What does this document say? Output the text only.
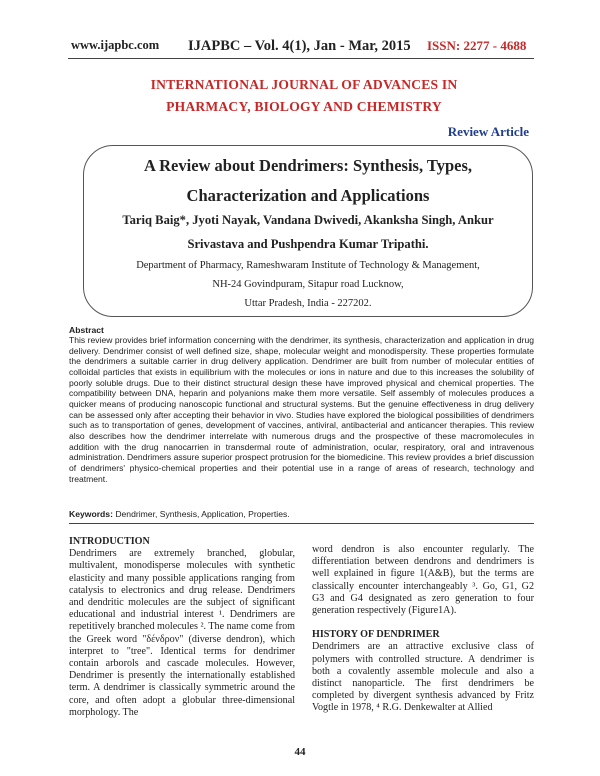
www.ijapbc.com IJAPBC – Vol. 4(1), Jan - Mar, 2015 ISSN: 2277 - 4688
INTERNATIONAL JOURNAL OF ADVANCES IN
PHARMACY, BIOLOGY AND CHEMISTRY
Review Article
A Review about Dendrimers: Synthesis, Types,
Characterization and Applications
Tariq Baig*, Jyoti Nayak, Vandana Dwivedi, Akanksha Singh, Ankur
Srivastava and Pushpendra Kumar Tripathi.
Department of Pharmacy, Rameshwaram Institute of Technology & Management,
NH-24 Govindpuram, Sitapur road Lucknow,
Uttar Pradesh, India - 227202.
Abstract
This review provides brief information concerning with the dendrimer, its synthesis, characterization and application in drug delivery. Dendrimer consist of well defined size, shape, molecular weight and monodispersity. These properties formulate the dendrimers a suitable carrier in drug delivery application. Dendrimer are built from number of molecular entities of colloidal particles that exists in equilibrium with the molecules or ions in nature and due to this increases the solubility of poorly soluble drugs. Due to their distinct structural design these have improved physical and chemical properties. The compatibility between DNA, heparin and polyanions make them more versatile. Self assembly of molecules produces a quicker means of producing nanoscopic functional and structural systems. But the genuine effectiveness in drug delivery can be assessed only after accepting their behavior in vivo. Studies have explored the biological possibilities of dendrimers such as to transportation of genes, development of vaccines, antiviral, antibacterial and anticancer therapies. This review also describes how the dendrimer interrelate with numerous drugs and the prospective of these macromolecules in addition with the drug nanocarrien in transdermal route of administration, ocular, respiratory, oral and intravenous administration. Dendrimers assure superior prospect protrusion for the biomedicine. This review provides a brief discussion of dendrimers' physico-chemical properties and their potential use in a range of areas of research, technology and treatment.
Keywords: Dendrimer, Synthesis, Application, Properties.
INTRODUCTION

Dendrimers are extremely branched, globular, multivalent, monodisperse molecules with synthetic elasticity and many possible applications ranging from catalysis to electronics and drug release. Dendrimers and dendritic molecules are the subject of significant educational and industrial interest ¹. Dendrimers are repetitively branched molecules ². The name come from the Greek word "δένδρον" (diverse dendron), which interpret to "tree". Identical terms for dendrimer contain arborols and cascade molecules. However, Dendrimer is presently the internationally established term. A dendrimer is classically symmetric around the core, and often adopt a globular three-dimensional morphology. The

word dendron is also encounter regularly. The differentiation between dendrons and dendrimers is well explained in figure 1(A&B), but the terms are classically encounter interchangeably ³. Go, G1, G2 G3 and G4 designated as zero generation to four generation respectively (Figure1A).

HISTORY OF DENDRIMER

Dendrimers are an attractive exclusive class of polymers with controlled structure. A dendrimer is both a covalently assemble molecule and also a distinct nanoparticle. The first dendrimers be completed by divergent synthesis advanced by Fritz Vogtle in 1978, ⁴ R.G. Denkewalter at Allied

44
